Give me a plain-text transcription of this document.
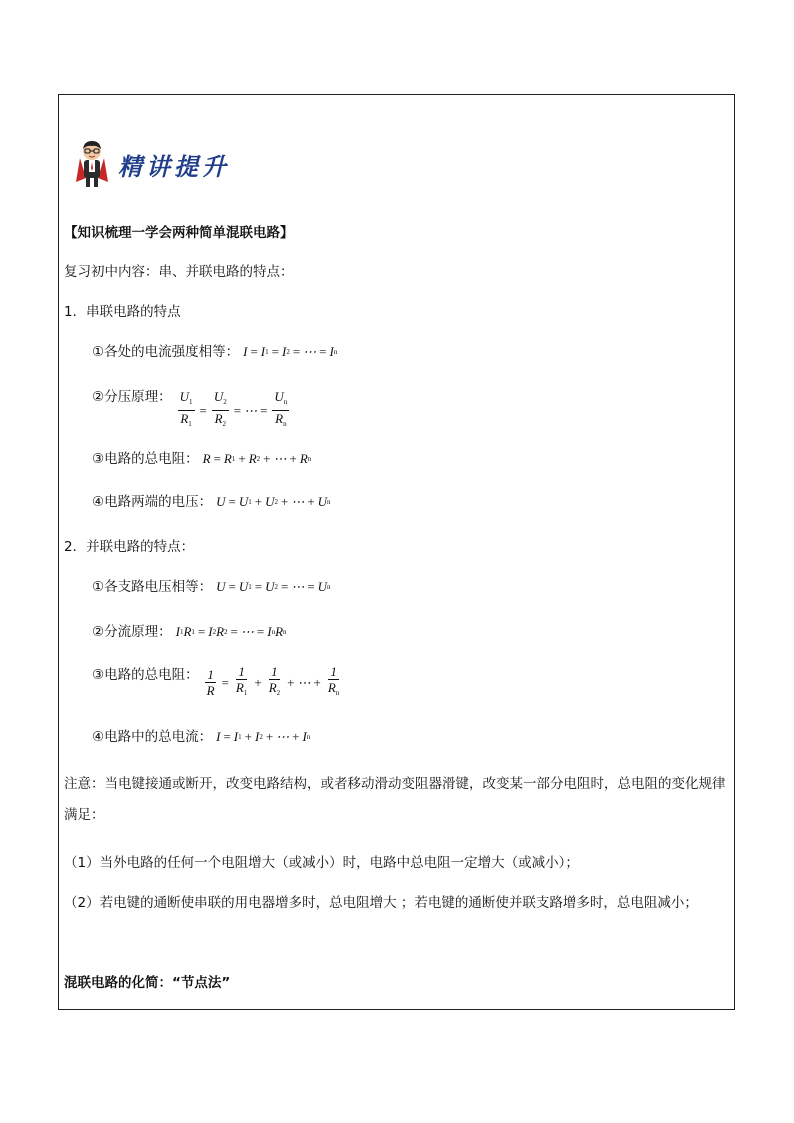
精讲提升
【知识梳理一学会两种简单混联电路】
复习初中内容：串、并联电路的特点：
1．串联电路的特点
①各处的电流强度相等： I = I 1 = I 2 = ⋯ = I n
②分压原理： $\frac{U_1}{R_1} = \frac{U_2}{R_2}$ = ⋯ = $\frac{U_n}{R_n}$
③电路的总电阻： R = R 1 + R 2 + ⋯ + R n
④电路两端的电压： U = U 1 + U 2 + ⋯ + U n
2．并联电路的特点：
①各支路电压相等： U = U 1 = U 2 = ⋯ = U n
②分流原理： I 1 R 1 = I 2 R 2 = ⋯ = I n R n
③电路的总电阻： $\frac{1}{R} = \frac{1}{R_1} + \frac{1}{R_2}$ + ⋯ + $\frac{1}{R_n}$
④电路中的总电流： I = I 1 + I 2 + ⋯ + I n
注意：当电键接通或断开，改变电路结构，或者移动滑动变阻器滑键，改变某一部分电阻时，总电阻的变化规律满足：
（1）当外电路的任何一个电阻增大（或减小）时，电路中总电阻一定增大（或减小）；
（2）若电键的通断使串联的用电器增多时，总电阻增大 ；若电键的通断使并联支路增多时，总电阻减小；
混联电路的化简：“节点法”
